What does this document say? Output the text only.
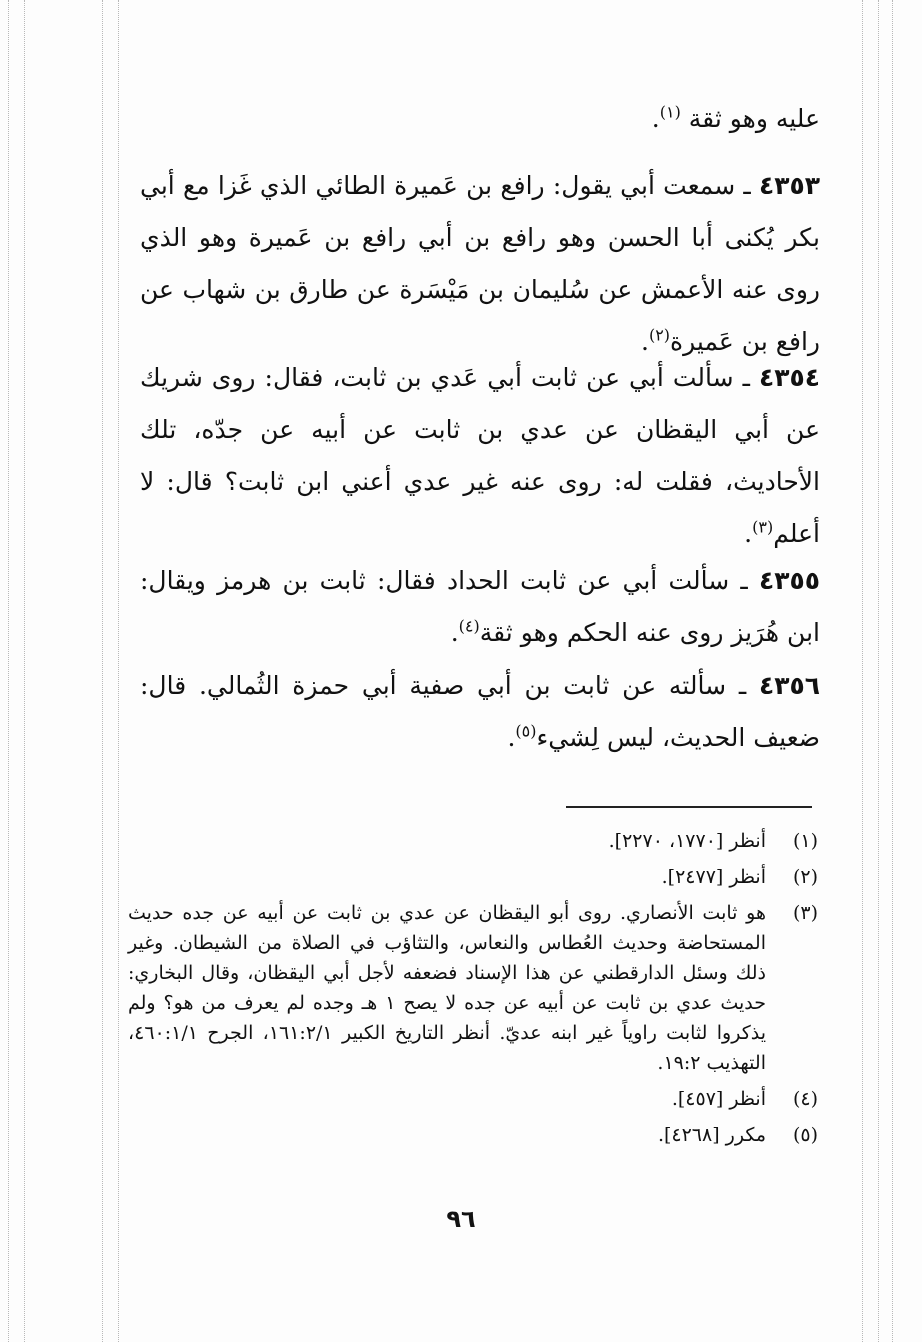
عليه وهو ثقة $^{(١)}$.
٤٣٥٣ ـ سمعت أبي يقول: رافع بن عَميرة الطائي الذي غَزا مع أبي بكر يُكنى أبا الحسن وهو رافع بن أبي رافع بن عَميرة وهو الذي روى عنه الأعمش عن سُليمان بن مَيْسَرة عن طارق بن شهاب عن رافع بن عَميرة$^{(٢)}$.
٤٣٥٤ ـ سألت أبي عن ثابت أبي عَدي بن ثابت، فقال: روى شريك عن أبي اليقظان عن عدي بن ثابت عن أبيه عن جدّه، تلك الأحاديث، فقلت له: روى عنه غير عدي أعني ابن ثابت؟ قال: لا أعلم$^{(٣)}$.
٤٣٥٥ ـ سألت أبي عن ثابت الحداد فقال: ثابت بن هرمز ويقال: ابن هُرَيز روى عنه الحكم وهو ثقة$^{(٤)}$.
٤٣٥٦ ـ سألته عن ثابت بن أبي صفية أبي حمزة الثُمالي. قال: ضعيف الحديث، ليس لِشيء$^{(٥)}$.
(١)
أنظر [١٧٧٠، ٢٢٧٠].
(٢)
أنظر [٢٤٧٧].
(٣)
هو ثابت الأنصاري. روى أبو اليقظان عن عدي بن ثابت عن أبيه عن جده حديث المستحاضة وحديث العُطاس والنعاس، والتثاؤب في الصلاة من الشيطان. وغير ذلك وسئل الدارقطني عن هذا الإسناد فضعفه لأجل أبي اليقظان، وقال البخاري: حديث عدي بن ثابت عن أبيه عن جده لا يصح ١ هـ وجده لم يعرف من هو؟ ولم يذكروا لثابت راوياً غير ابنه عديّ. أنظر التاريخ الكبير ١٦١:٢/١، الجرح ٤٦٠:١/١، التهذيب ١٩:٢.
(٤)
أنظر [٤٥٧].
(٥)
مكرر [٤٢٦٨].
٩٦
